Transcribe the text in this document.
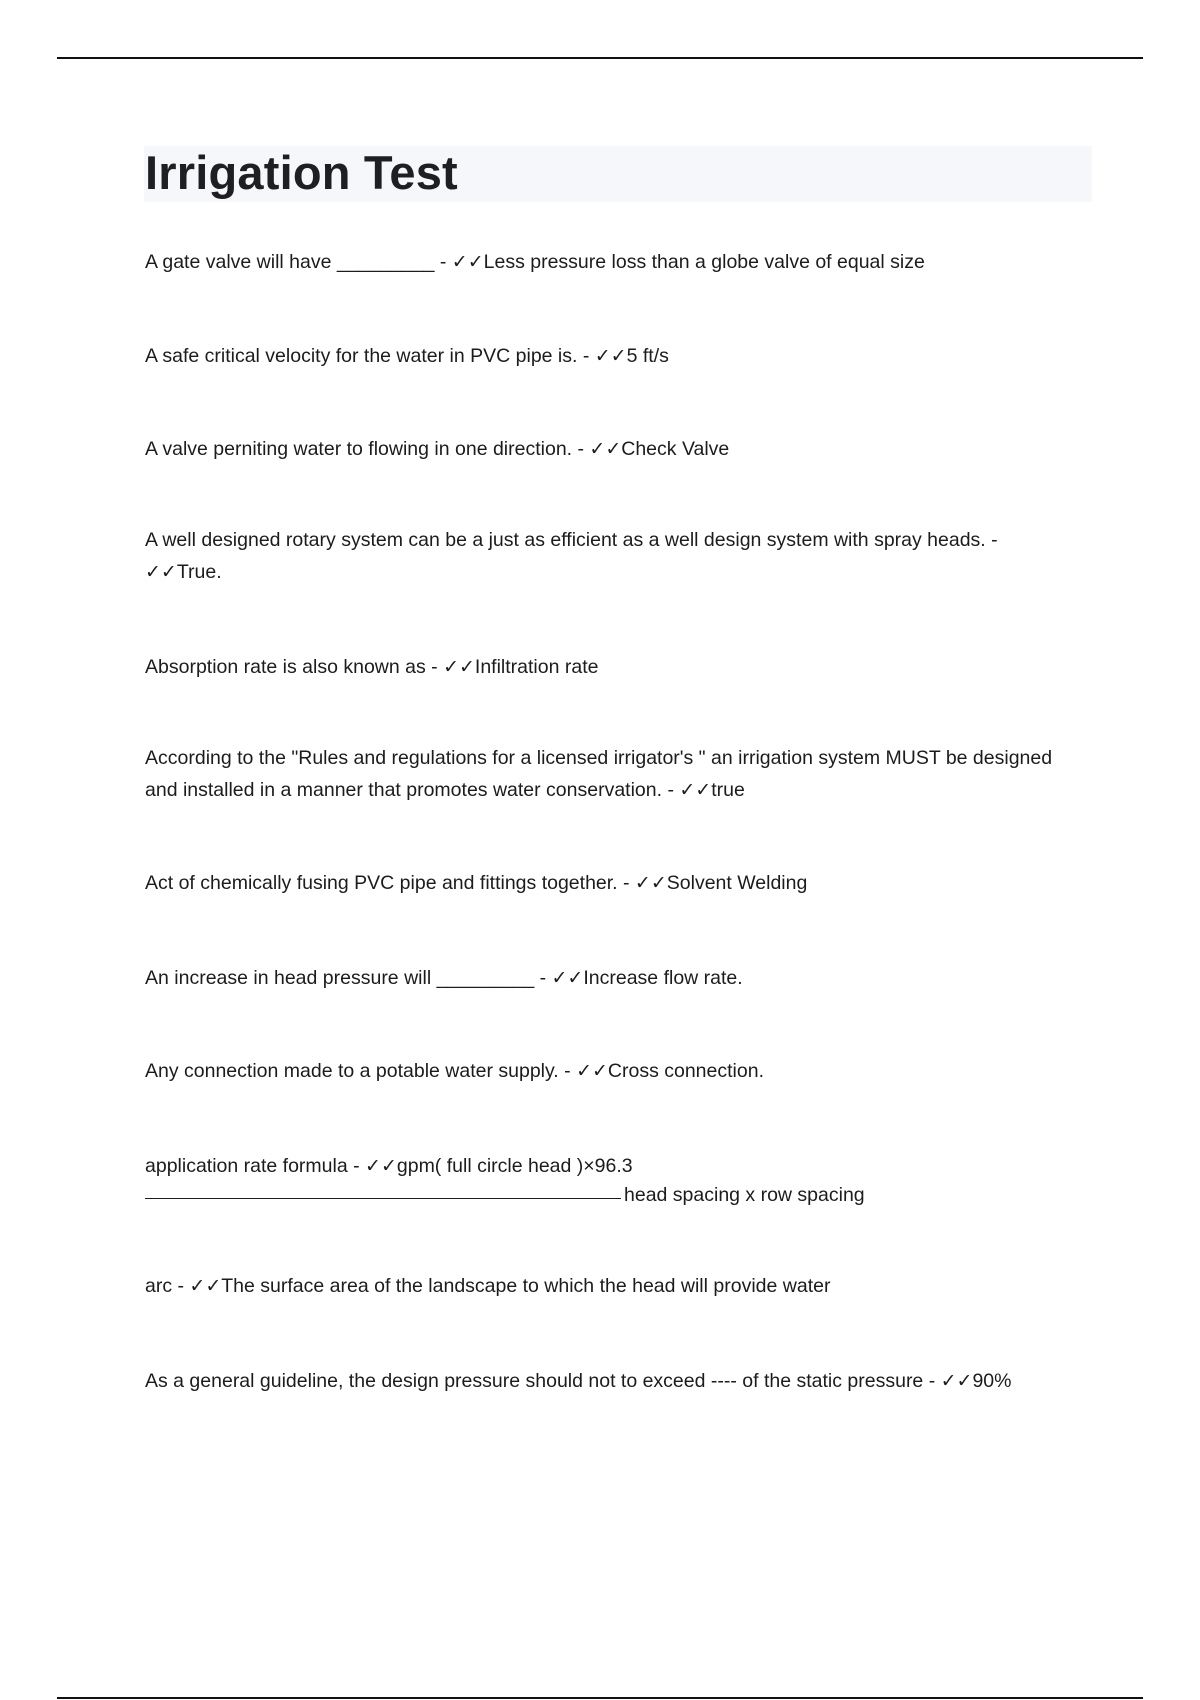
Irrigation Test

A gate valve will have _________ - ✓✓Less pressure loss than a globe valve of equal size

A safe critical velocity for the water in PVC pipe is. - ✓✓5 ft/s

A valve perniting water to flowing in one direction. - ✓✓Check Valve

A well designed rotary system can be a just as efficient as a well design system with spray heads. - ✓✓True.

Absorption rate is also known as - ✓✓Infiltration rate

According to the "Rules and regulations for a licensed irrigator's " an irrigation system MUST be designed and installed in a manner that promotes water conservation. - ✓✓true

Act of chemically fusing PVC pipe and fittings together. - ✓✓Solvent Welding

An increase in head pressure will _________ - ✓✓Increase flow rate.

Any connection made to a potable water supply. - ✓✓Cross connection.

application rate formula - ✓✓gpm( full circle head )×96.3

head spacing x row spacing

arc - ✓✓The surface area of the landscape to which the head will provide water

As a general guideline, the design pressure should not to exceed ---- of the static pressure - ✓✓90%
